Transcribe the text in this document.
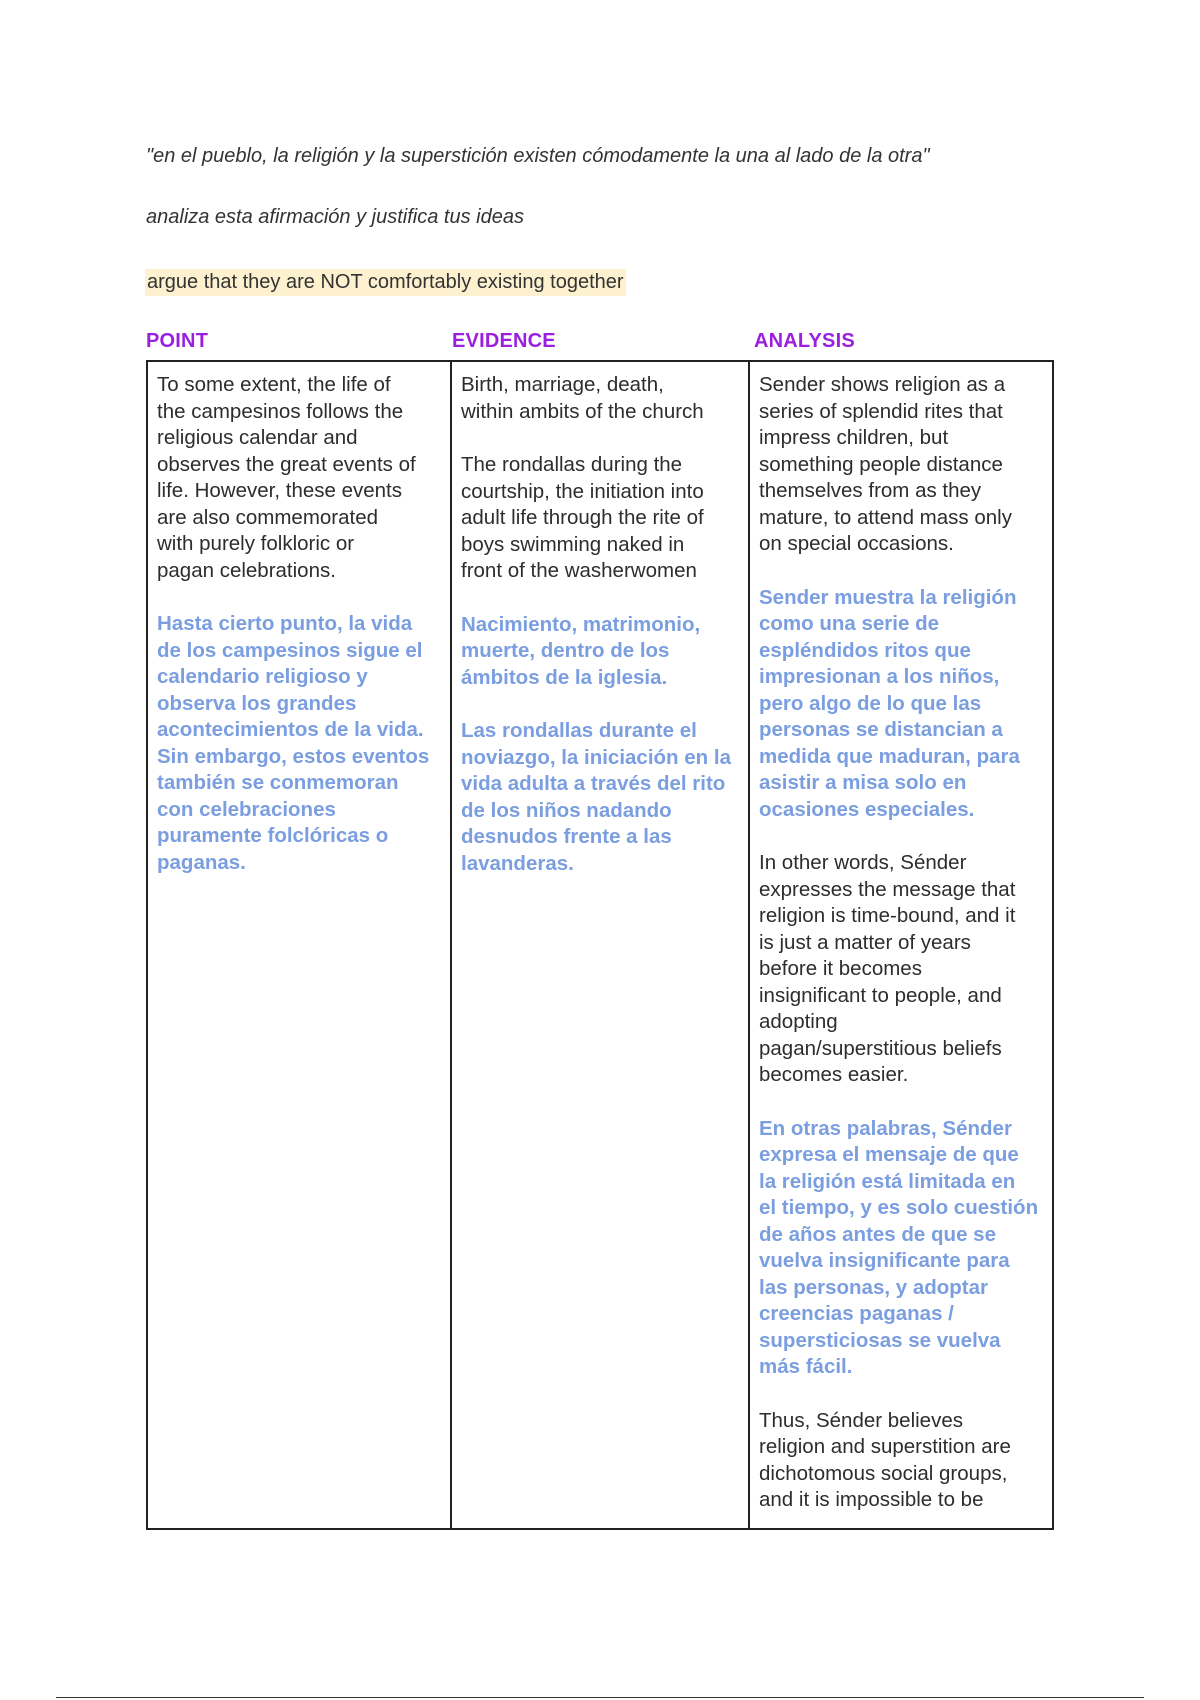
"en el pueblo, la religión y la superstición existen cómodamente la una al lado de la otra"
analiza esta afirmación y justifica tus ideas
argue that they are NOT comfortably existing together
POINT	EVIDENCE	ANALYSIS

To some extent, the life of
the campesinos follows the
religious calendar and
observes the great events of
life. However, these events
are also commemorated
with purely folkloric or
pagan celebrations.

Hasta cierto punto, la vida
de los campesinos sigue el
calendario religioso y
observa los grandes
acontecimientos de la vida.
Sin embargo, estos eventos
también se conmemoran
con celebraciones
puramente folclóricas o
paganas.

Birth, marriage, death,
within ambits of the church

The rondallas during the
courtship, the initiation into
adult life through the rite of
boys swimming naked in
front of the washerwomen

Nacimiento, matrimonio,
muerte, dentro de los
ámbitos de la iglesia.

Las rondallas durante el
noviazgo, la iniciación en la
vida adulta a través del rito
de los niños nadando
desnudos frente a las
lavanderas.

Sender shows religion as a
series of splendid rites that
impress children, but
something people distance
themselves from as they
mature, to attend mass only
on special occasions.

Sender muestra la religión
como una serie de
espléndidos ritos que
impresionan a los niños,
pero algo de lo que las
personas se distancian a
medida que maduran, para
asistir a misa solo en
ocasiones especiales.

In other words, Sénder
expresses the message that
religion is time-bound, and it
is just a matter of years
before it becomes
insignificant to people, and
adopting
pagan/superstitious beliefs
becomes easier.

En otras palabras, Sénder
expresa el mensaje de que
la religión está limitada en
el tiempo, y es solo cuestión
de años antes de que se
vuelva insignificante para
las personas, y adoptar
creencias paganas /
supersticiosas se vuelva
más fácil.

Thus, Sénder believes
religion and superstition are
dichotomous social groups,
and it is impossible to be
